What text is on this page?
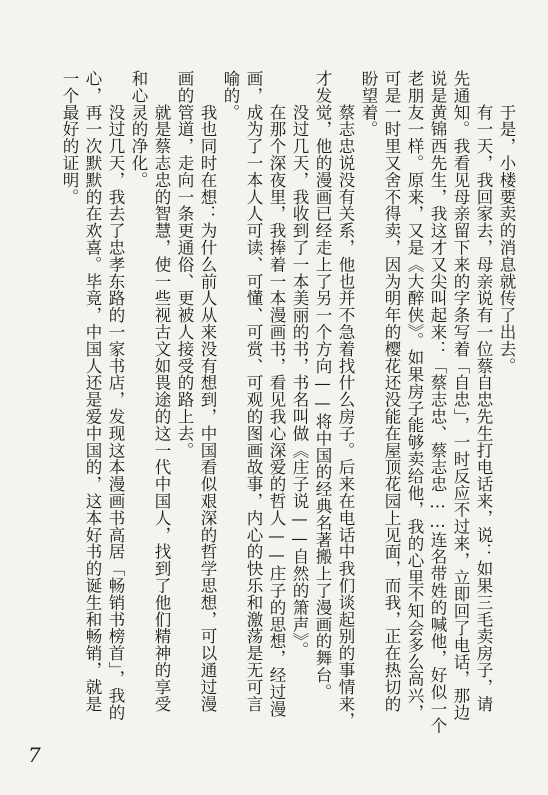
　　于是，小楼要卖的消息就传了出去。
　　有一天，我回家去，母亲说有一位蔡自忠先生打电话来，说：如果三毛卖房子，请
先通知。我看见母亲留下来的字条写着「自忠」，一时反应不过来，立即回了电话，那边
说是黄锦西先生，我这才又尖叫起来：「蔡志忠、蔡志忠……连名带姓的喊他，好似一个
老朋友一样。原来，又是《大醉侠》。如果房子能够卖给他，我的心里不知会多么高兴，
可是一时里又舍不得卖，因为明年的樱花还没能在屋顶花园上见面，而我，正在热切的
盼望着。
　　蔡志忠说没有关系，他也并不急着找什么房子。后来在电话中我们谈起别的事情来，
才发觉，他的漫画已经走上了另一个方向——将中国的经典名著搬上了漫画的舞台。
　　没过几天，我收到了一本美丽的书，书名叫做《庄子说——自然的箫声》。
　　在那个深夜里，我捧着一本漫画书，看见我心深爱的哲人——庄子的思想，经过漫
画，成为了一本人人可读、可懂、可赏、可观的图画故事，内心的快乐和激荡是无可言
喻的。
　　我也同时在想：为什么前人从来没有想到，中国看似艰深的哲学思想，可以通过漫
画的管道，走向一条更通俗、更被人接受的路上去。
　　就是蔡志忠的智慧，使一些视古文如畏途的这一代中国人，找到了他们精神的享受
和心灵的净化。
　　没过几天，我去了忠孝东路的一家书店，发现这本漫画书高居「畅销书榜首」，我的
心，再一次默默的在欢喜。毕竟，中国人还是爱中国的，这本好书的诞生和畅销，就是
一个最好的证明。
7
